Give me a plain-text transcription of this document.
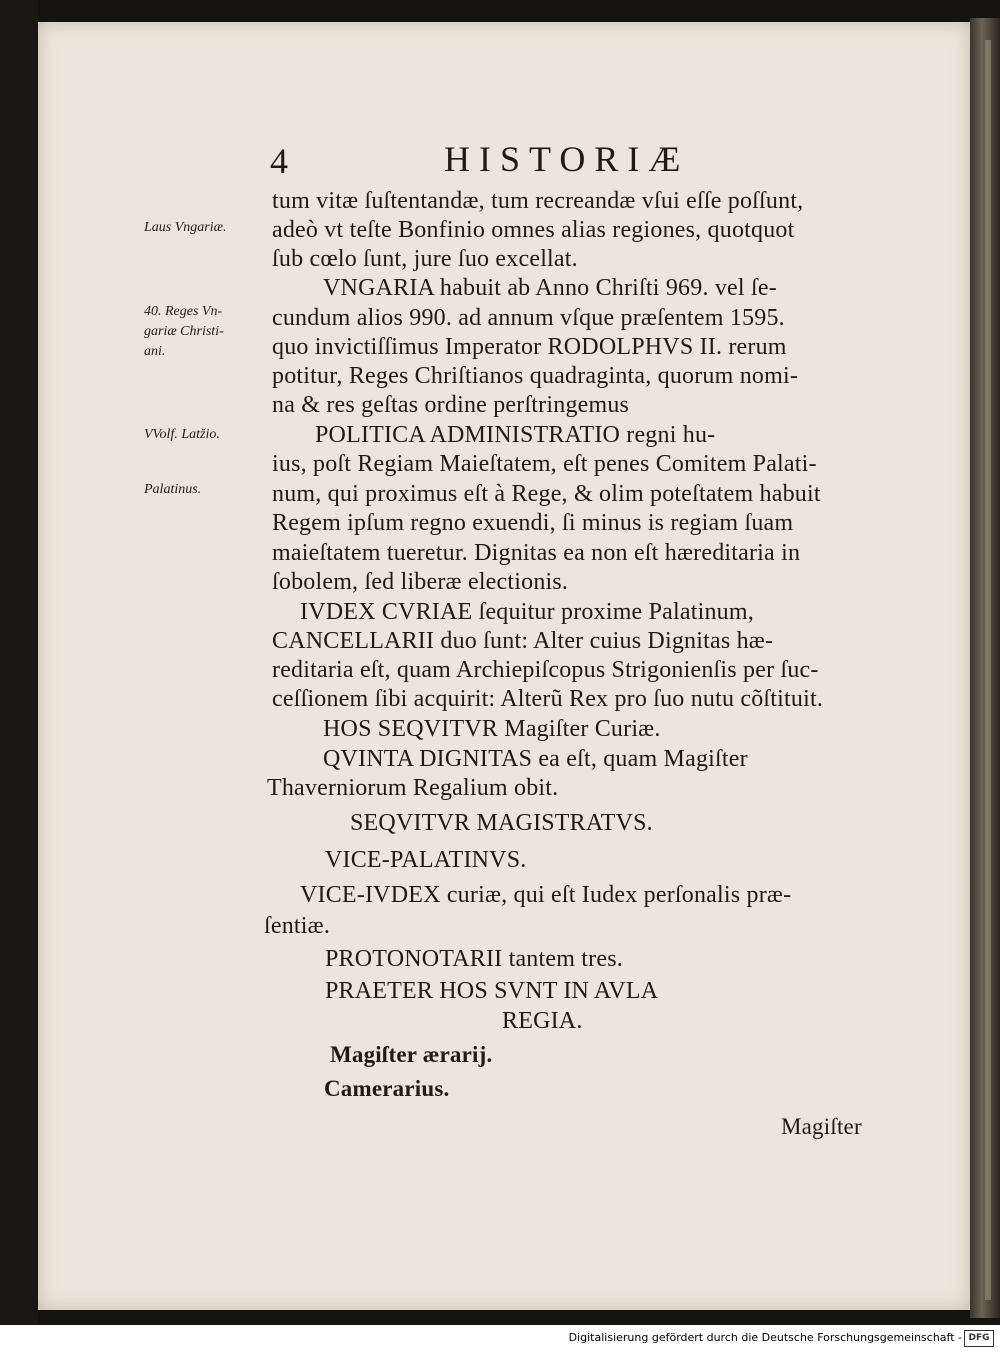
4	HISTORIÆ
Laus Vngariæ.
40. Reges Vn-
gariæ Christi-
ani.
VVolf. Latžio.
Palatinus.
tum vitæ ſuſtentandæ, tum recreandæ vſui eſſe poſſunt,
adeò vt teſte Bonfinio omnes alias regiones, quotquot
ſub cœlo ſunt, jure ſuo excellat.
VNGARIA habuit ab Anno Chriſti 969. vel ſe-
cundum alios 990. ad annum vſque præſentem 1595.
quo invictiſſimus Imperator RODOLPHVS II. rerum
potitur, Reges Chriſtianos quadraginta, quorum nomi-
na & res geſtas ordine perſtringemus
POLITICA ADMINISTRATIO regni hu-
ius, poſt Regiam Maieſtatem, eſt penes Comitem Palati-
num, qui proximus eſt à Rege, & olim poteſtatem habuit
Regem ipſum regno exuendi, ſi minus is regiam ſuam
maieſtatem tueretur. Dignitas ea non eſt hæreditaria in
ſobolem, ſed liberæ electionis.
IVDEX CVRIAE ſequitur proxime Palatinum,
CANCELLARII duo ſunt: Alter cuius Dignitas hæ-
reditaria eſt, quam Archiepiſcopus Strigonienſis per ſuc-
ceſſionem ſibi acquirit: Alterũ Rex pro ſuo nutu cõſtituit.
HOS SEQVITVR Magiſter Curiæ.
QVINTA DIGNITAS ea eſt, quam Magiſter
Thaverniorum Regalium obit.
SEQVITVR MAGISTRATVS.
VICE-PALATINVS.
VICE-IVDEX curiæ, qui eſt Iudex perſonalis præ-
ſentiæ.
PROTONOTARII tantem tres.
PRAETER HOS SVNT IN AVLA
REGIA.
Magiſter ærarij.
Camerarius.
Magiſter
Digitalisierung gefördert durch die Deutsche Forschungsgemeinschaft - DFG
